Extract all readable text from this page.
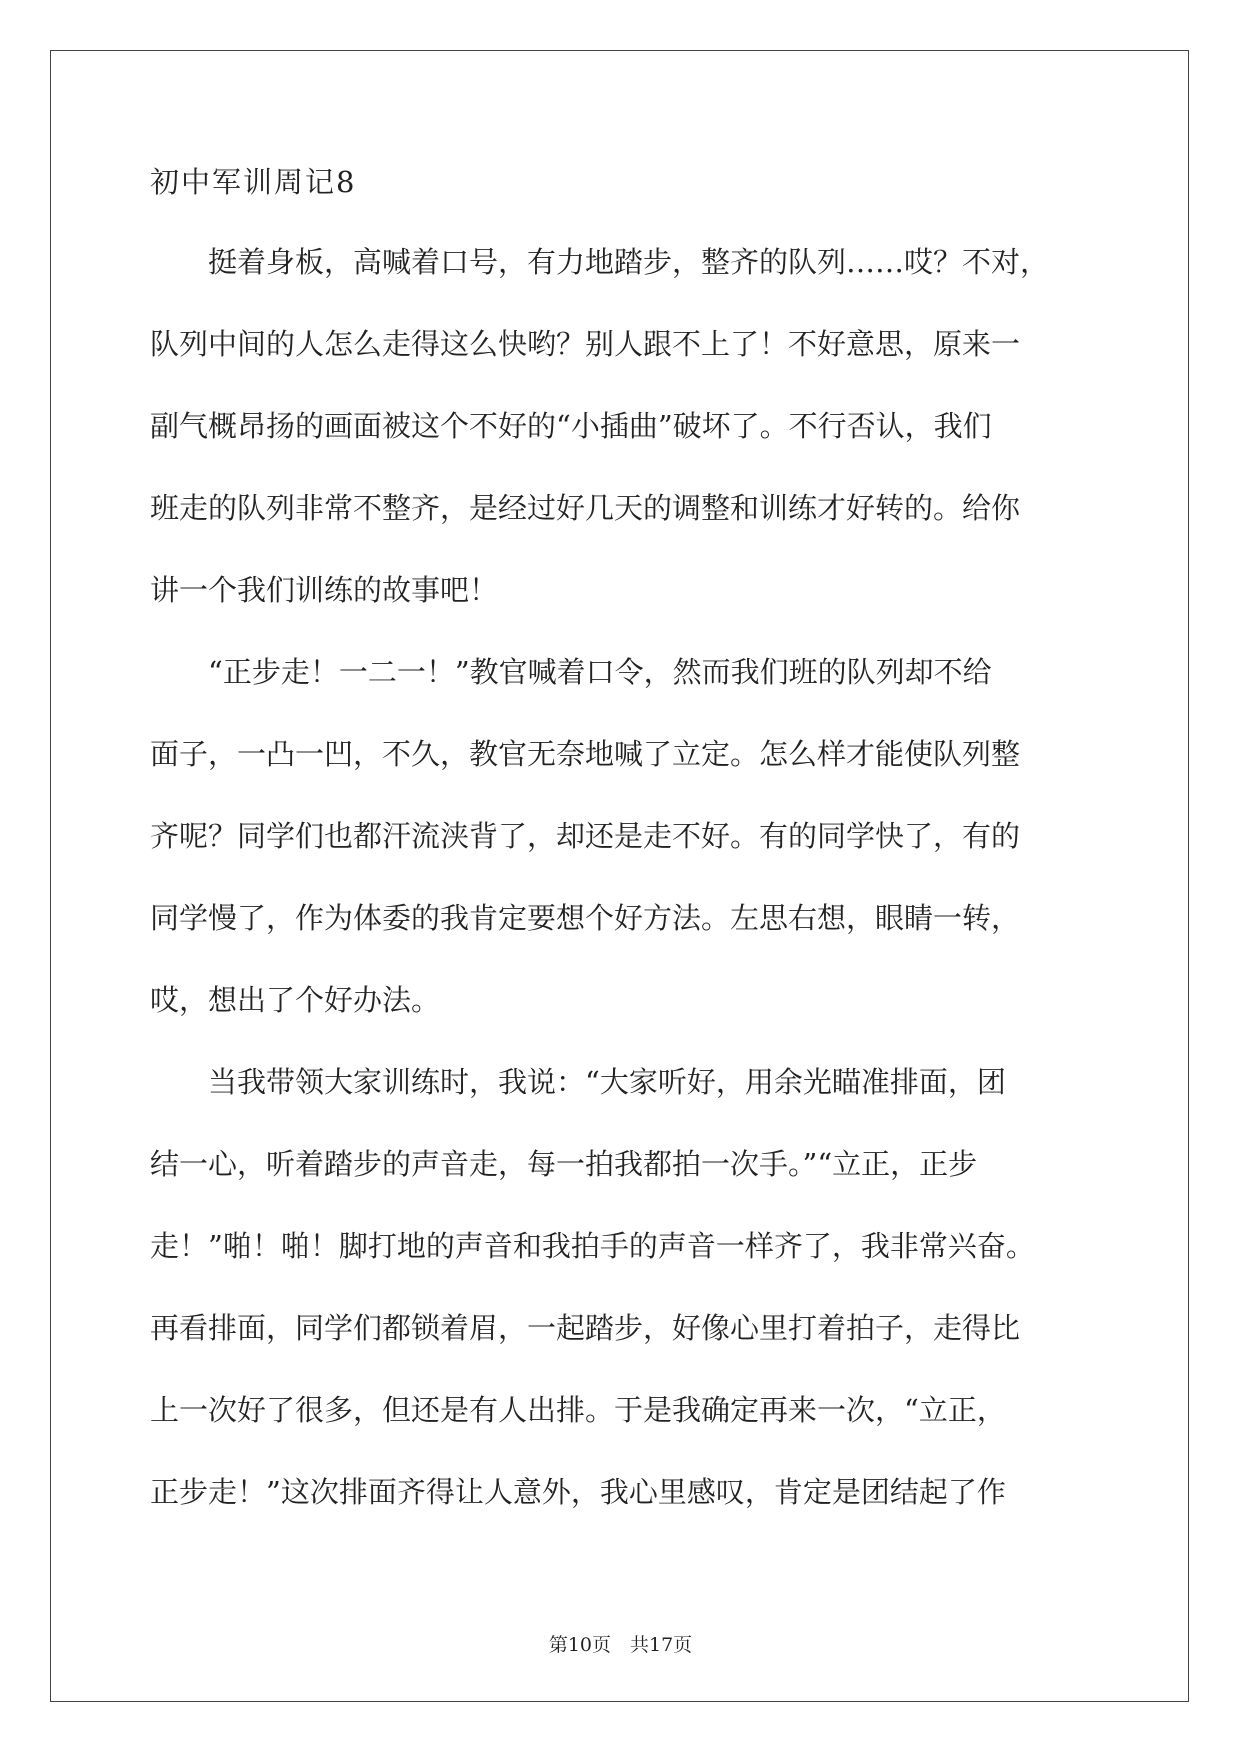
初中军训周记8

　　挺着身板，高喊着口号，有力地踏步，整齐的队列……哎？不对，

队列中间的人怎么走得这么快哟？别人跟不上了！不好意思，原来一

副气概昂扬的画面被这个不好的“小插曲”破坏了。不行否认，我们

班走的队列非常不整齐，是经过好几天的调整和训练才好转的。给你

讲一个我们训练的故事吧！

　　“正步走！一二一！”教官喊着口令，然而我们班的队列却不给

面子，一凸一凹，不久，教官无奈地喊了立定。怎么样才能使队列整

齐呢？同学们也都汗流浃背了，却还是走不好。有的同学快了，有的

同学慢了，作为体委的我肯定要想个好方法。左思右想，眼睛一转，

哎，想出了个好办法。

　　当我带领大家训练时，我说：“大家听好，用余光瞄准排面，团

结一心，听着踏步的声音走，每一拍我都拍一次手。”“立正，正步

走！”啪！啪！脚打地的声音和我拍手的声音一样齐了，我非常兴奋。

再看排面，同学们都锁着眉，一起踏步，好像心里打着拍子，走得比

上一次好了很多，但还是有人出排。于是我确定再来一次，“立正，

正步走！”这次排面齐得让人意外，我心里感叹，肯定是团结起了作

第10页　共17页
